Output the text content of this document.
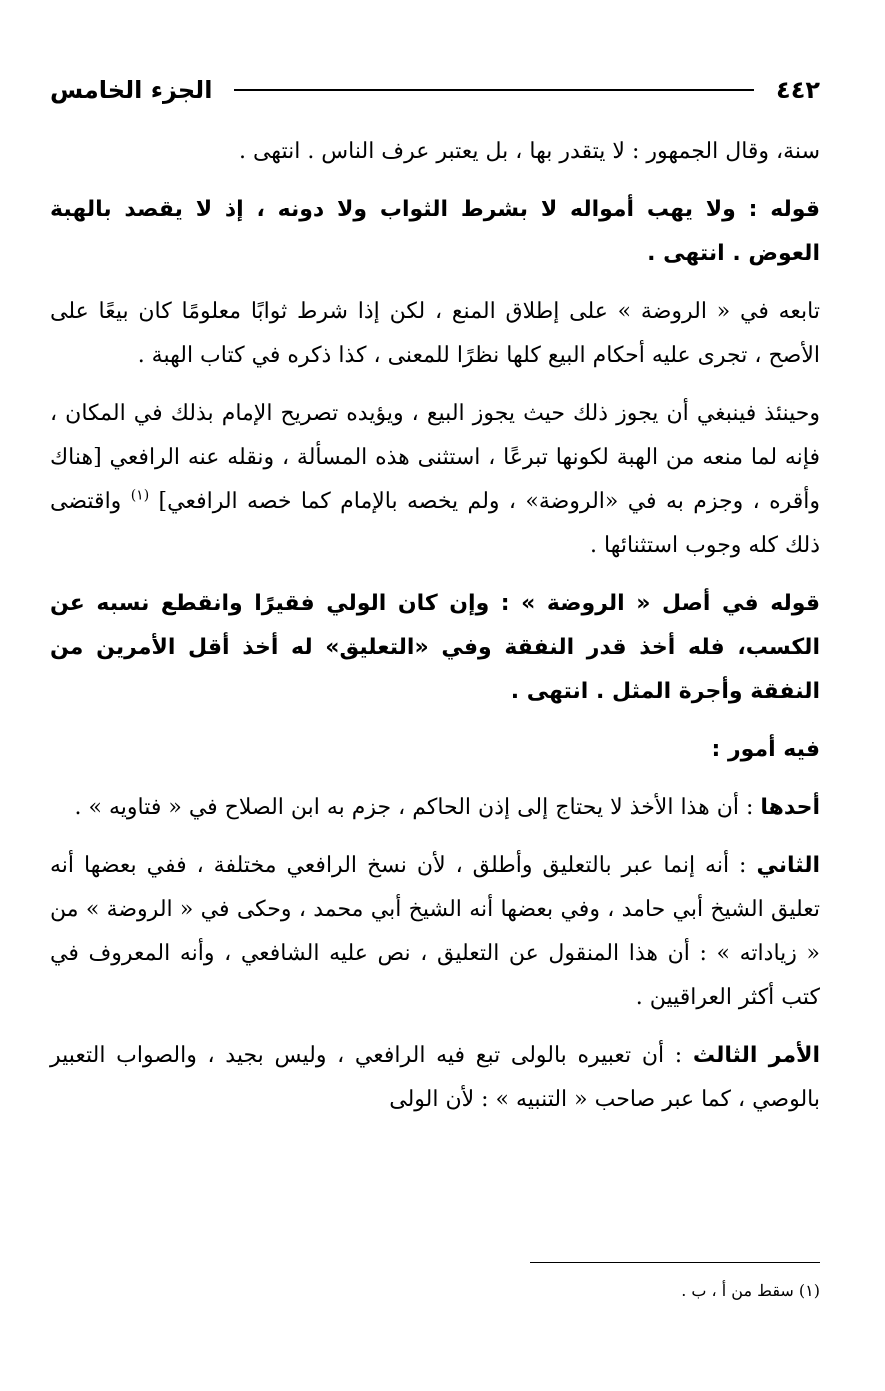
٤٤٢
الجزء الخامس

سنة، وقال الجمهور : لا يتقدر بها ، بل يعتبر عرف الناس . انتهى .

قوله : ولا يهب أمواله لا بشرط الثواب ولا دونه ، إذ لا يقصد بالهبة العوض . انتهى .

تابعه في « الروضة » على إطلاق المنع ، لكن إذا شرط ثوابًا معلومًا كان بيعًا على الأصح ، تجرى عليه أحكام البيع كلها نظرًا للمعنى ، كذا ذكره في كتاب الهبة .

وحينئذ فينبغي أن يجوز ذلك حيث يجوز البيع ، ويؤيده تصريح الإمام بذلك في المكان ، فإنه لما منعه من الهبة لكونها تبرعًا ، استثنى هذه المسألة ، ونقله عنه الرافعي [هناك وأقره ، وجزم به في «الروضة» ، ولم يخصه بالإمام كما خصه الرافعي] $^{(١)}$ واقتضى ذلك كله وجوب استثنائها .

قوله في أصل « الروضة » : وإن كان الولي فقيرًا وانقطع نسبه عن الكسب، فله أخذ قدر النفقة وفي «التعليق» له أخذ أقل الأمرين من النفقة وأجرة المثل . انتهى .

فيه أمور :

أحدها : أن هذا الأخذ لا يحتاج إلى إذن الحاكم ، جزم به ابن الصلاح في « فتاويه » .

الثاني : أنه إنما عبر بالتعليق وأطلق ، لأن نسخ الرافعي مختلفة ، ففي بعضها أنه تعليق الشيخ أبي حامد ، وفي بعضها أنه الشيخ أبي محمد ، وحكى في « الروضة » من « زياداته » : أن هذا المنقول عن التعليق ، نص عليه الشافعي ، وأنه المعروف في كتب أكثر العراقيين .

الأمر الثالث : أن تعبيره بالولى تبع فيه الرافعي ، وليس بجيد ، والصواب التعبير بالوصي ، كما عبر صاحب « التنبيه » : لأن الولى

(١) سقط من أ ، ب .
